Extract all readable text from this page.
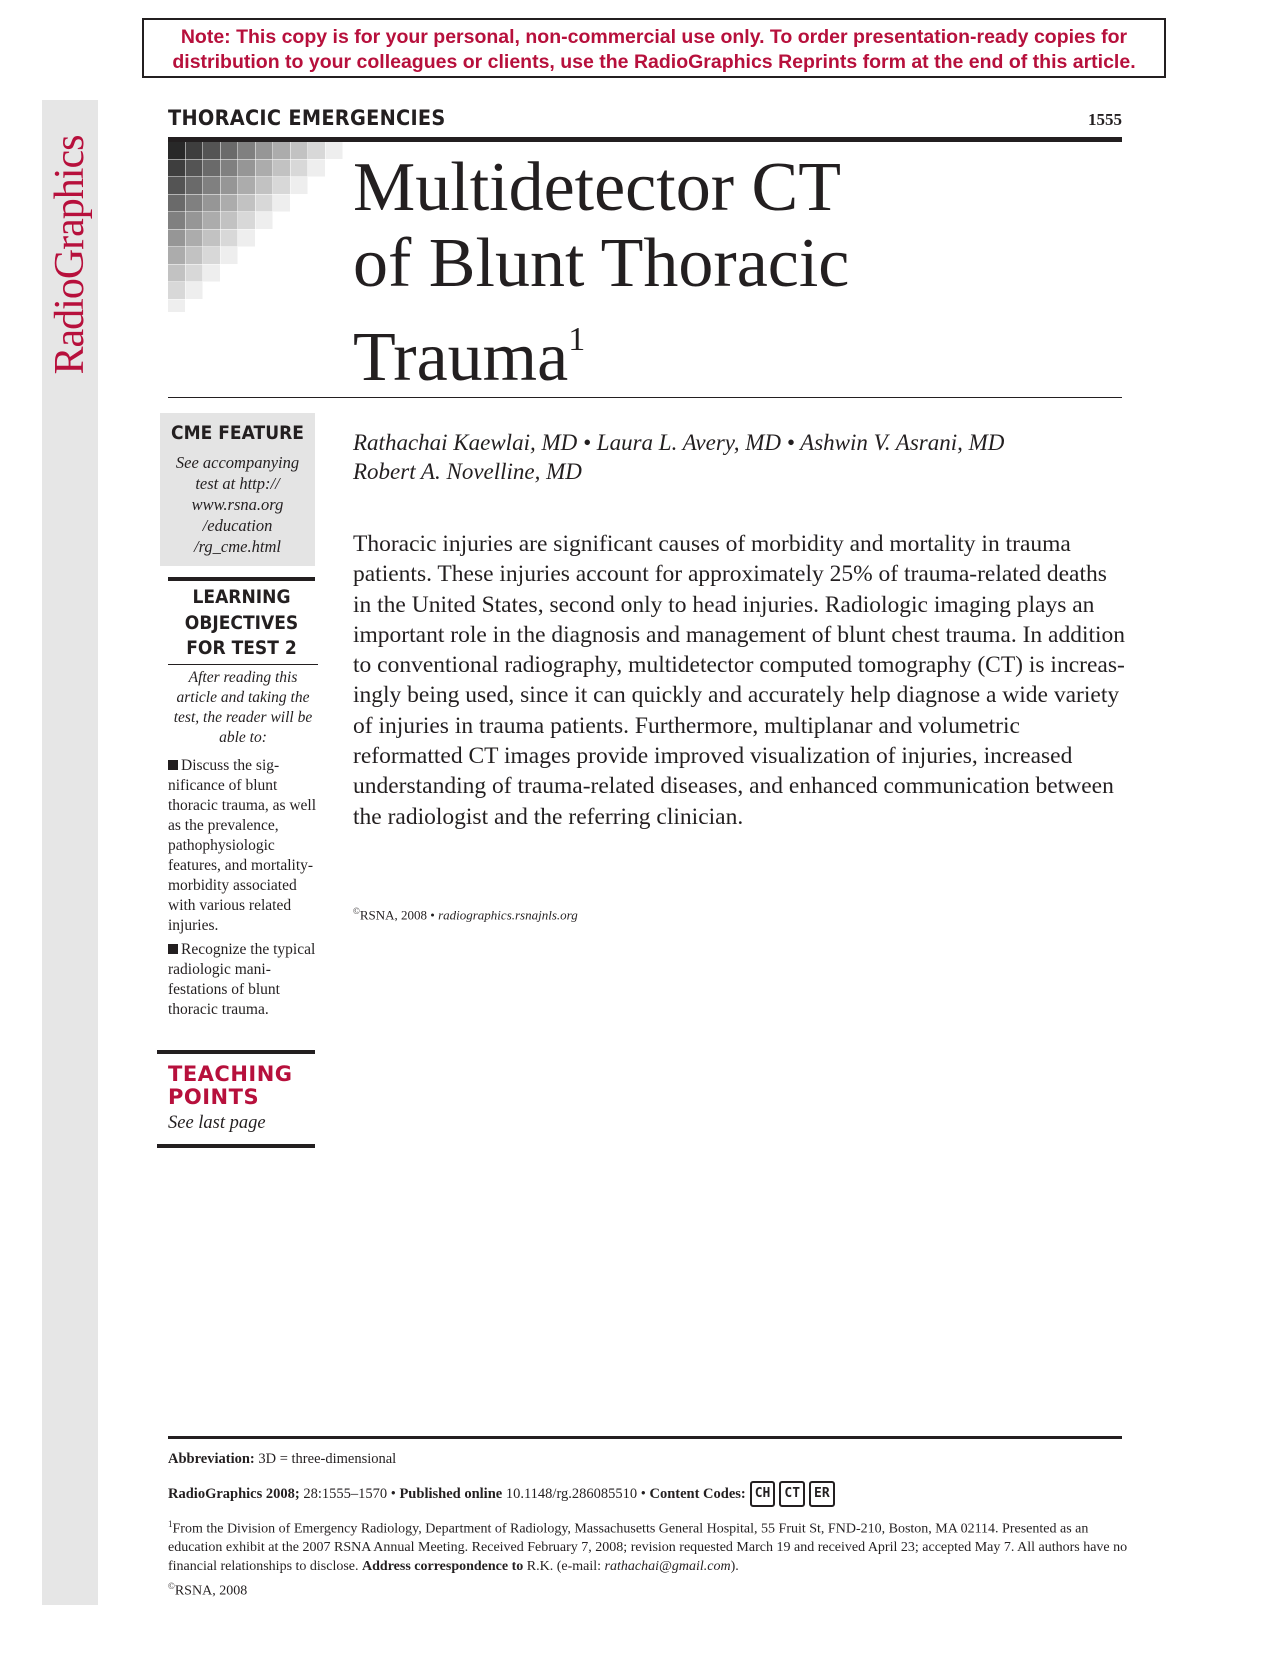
Note: This copy is for your personal, non-commercial use only. To order presentation-ready copies for
distribution to your colleagues or clients, use the RadioGraphics Reprints form at the end of this article.
RadioGraphics
THORACIC EMERGENCIES	1555
Multidetector CT
of Blunt Thoracic
Trauma$^1$
CME FEATURE
See accompanying test at http:// www.rsna.org /education /rg_cme.html
LEARNING
OBJECTIVES
FOR TEST 2
After reading this article and taking the test, the reader will be able to:
Discuss the significance of blunt thoracic trauma, as well as the prevalence, pathophysiologic features, and mortality-morbidity associated with various related injuries.
Recognize the typical radiologic manifestations of blunt thoracic trauma.
TEACHING
POINTS
See last page
Rathachai Kaewlai, MD • Laura L. Avery, MD • Ashwin V. Asrani, MD
Robert A. Novelline, MD
Thoracic injuries are significant causes of morbidity and mortality in trauma patients. These injuries account for approximately 25% of trauma-related deaths in the United States, second only to head injuries. Radiologic imaging plays an important role in the diagnosis and management of blunt chest trauma. In addition to conventional radiography, multidetector computed tomography (CT) is increasingly being used, since it can quickly and accurately help diagnose a wide variety of injuries in trauma patients. Furthermore, multiplanar and volumetric reformatted CT images provide improved visualization of injuries, increased understanding of trauma-related diseases, and enhanced communication between the radiologist and the referring clinician.
©RSNA, 2008 • radiographics.rsnajnls.org
Abbreviation: 3D = three-dimensional
RadioGraphics 2008; 28:1555–1570 • Published online 10.1148/rg.286085510 • Content Codes: CH	CT	ER
$^1$From the Division of Emergency Radiology, Department of Radiology, Massachusetts General Hospital, 55 Fruit St, FND-210, Boston, MA 02114. Presented as an education exhibit at the 2007 RSNA Annual Meeting. Received February 7, 2008; revision requested March 19 and received April 23; accepted May 7. All authors have no financial relationships to disclose. Address correspondence to R.K. (e-mail: rathachai@gmail.com).
©RSNA, 2008
